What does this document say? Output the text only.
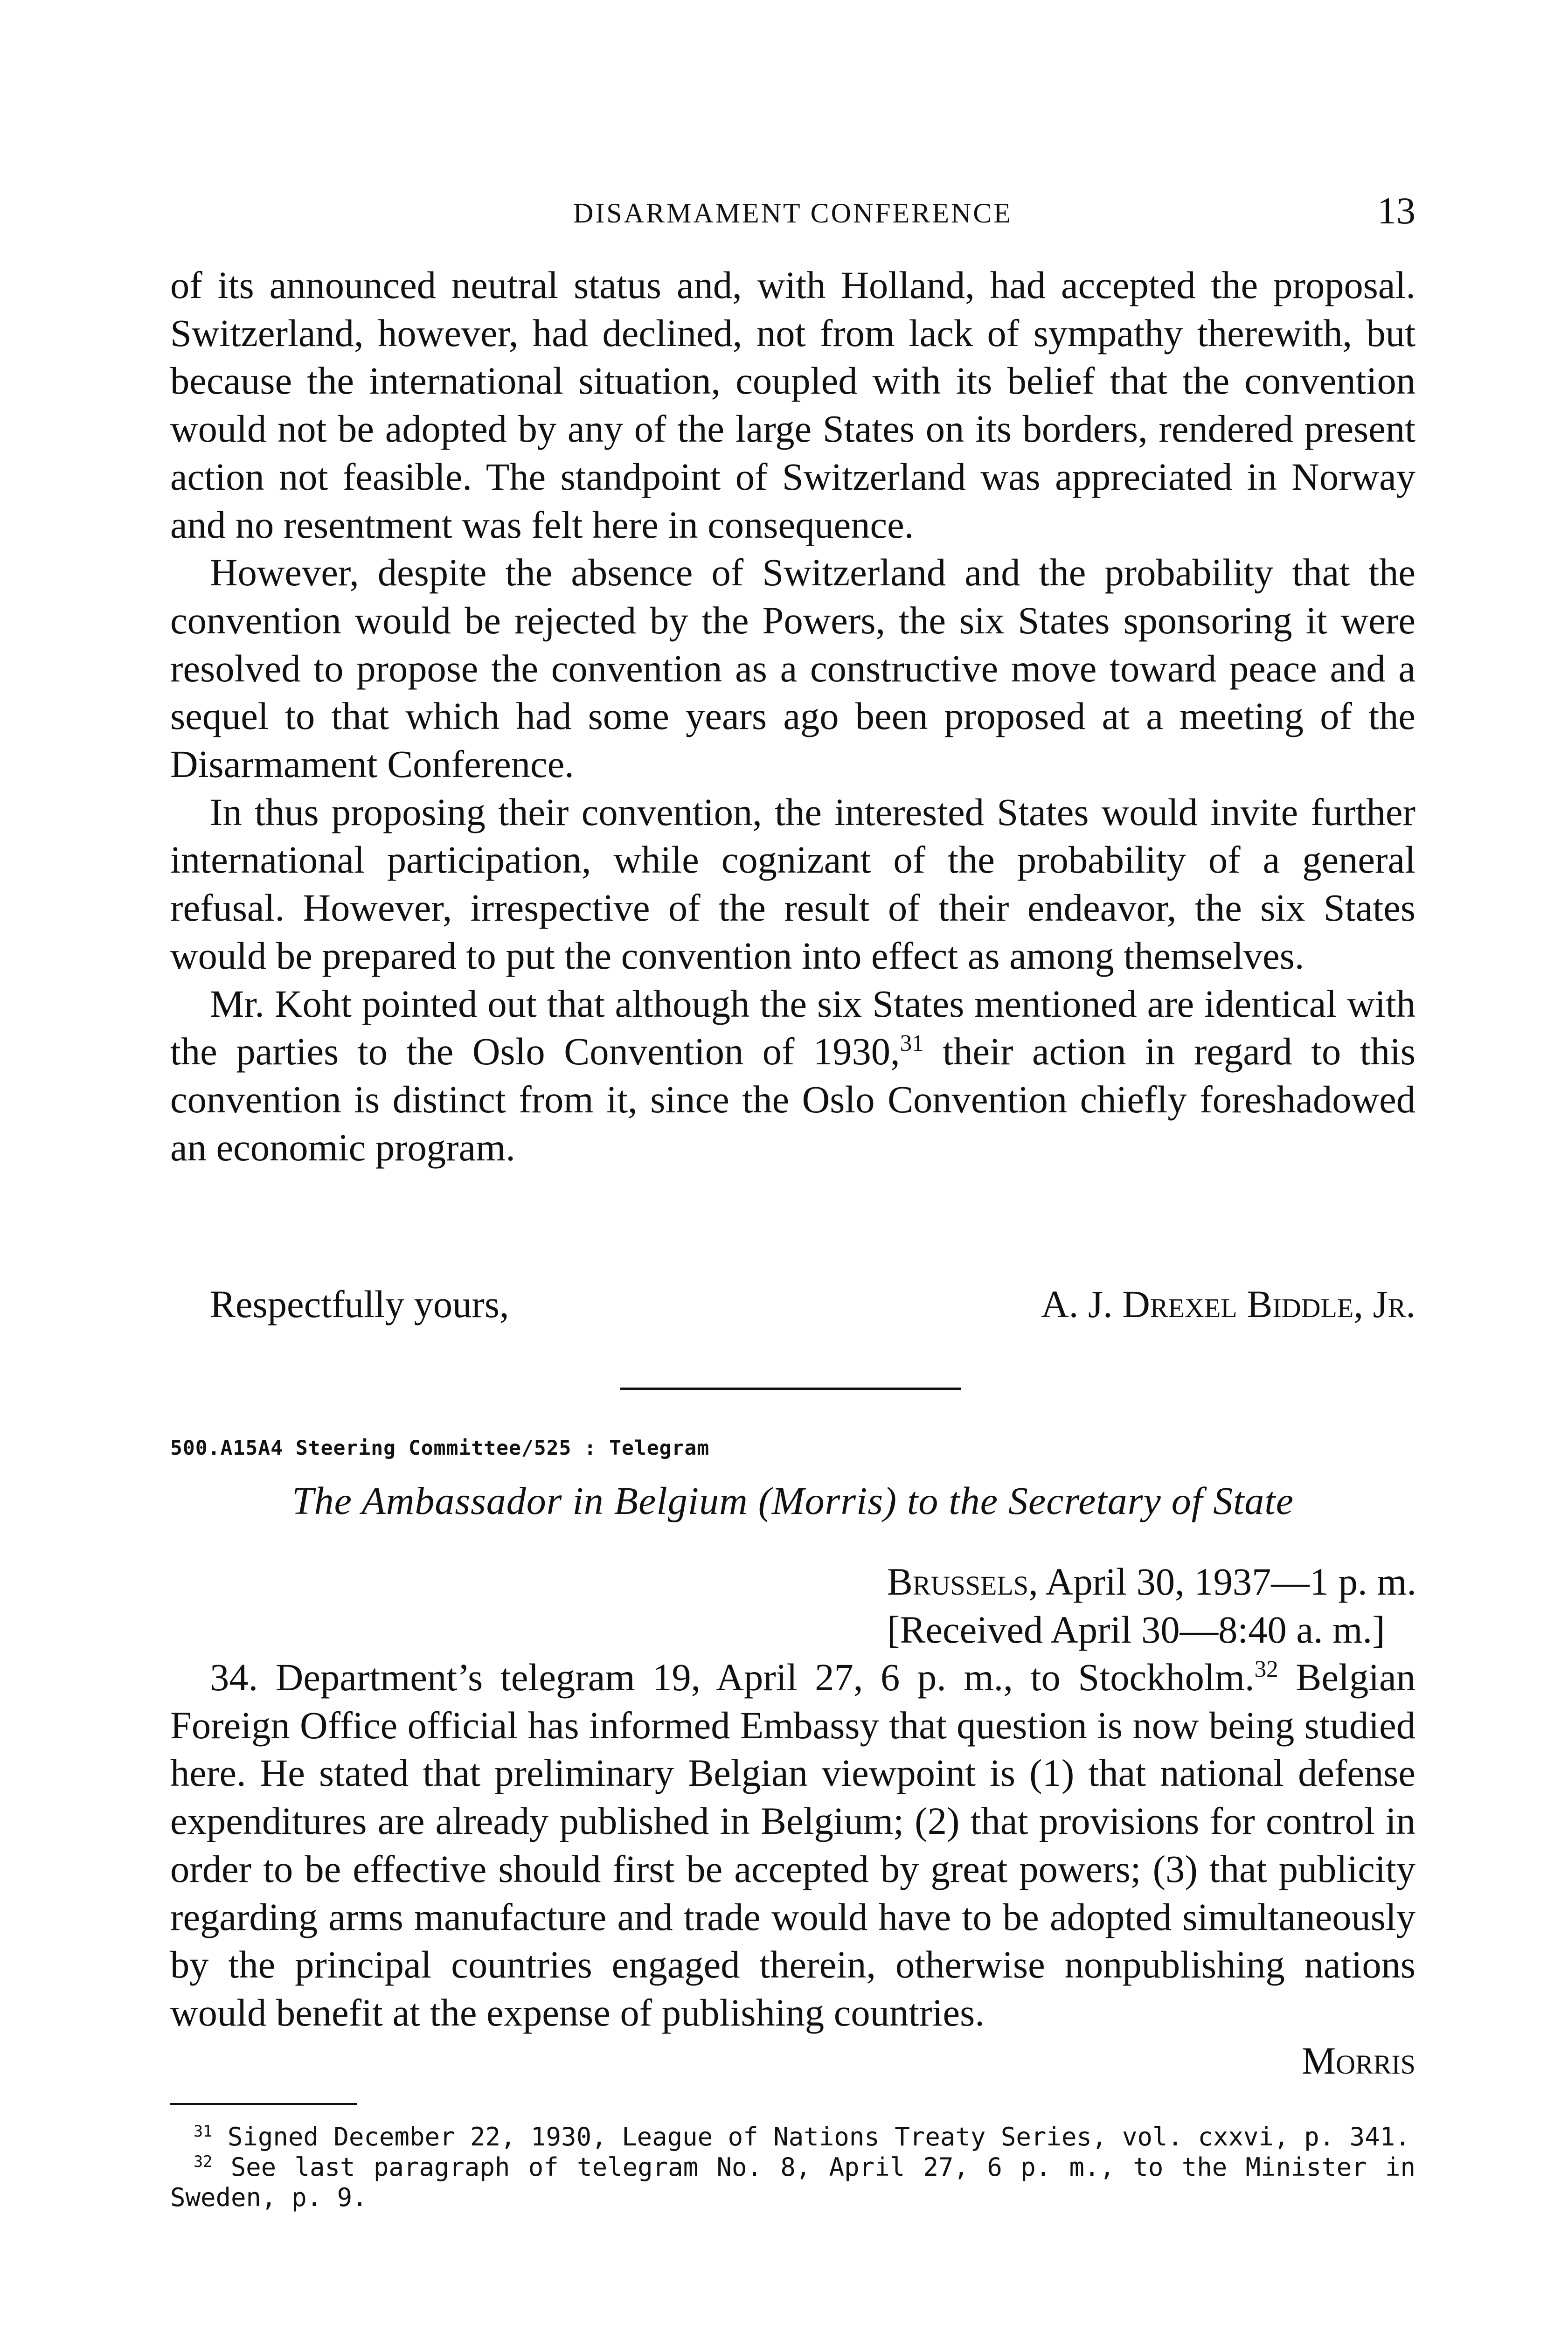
DISARMAMENT CONFERENCE	13

of its announced neutral status and, with Holland, had accepted the proposal. Switzerland, however, had declined, not from lack of sympathy therewith, but because the international situation, coupled with its belief that the convention would not be adopted by any of the large States on its borders, rendered present action not feasible. The standpoint of Switzerland was appreciated in Norway and no resentment was felt here in consequence.

However, despite the absence of Switzerland and the probability that the convention would be rejected by the Powers, the six States sponsoring it were resolved to propose the convention as a constructive move toward peace and a sequel to that which had some years ago been proposed at a meeting of the Disarmament Conference.

In thus proposing their convention, the interested States would invite further international participation, while cognizant of the probability of a general refusal. However, irrespective of the result of their endeavor, the six States would be prepared to put the convention into effect as among themselves.

Mr. Koht pointed out that although the six States mentioned are identical with the parties to the Oslo Convention of 1930,31 their action in regard to this convention is distinct from it, since the Oslo Convention chiefly foreshadowed an economic program.

Respectfully yours,	A. J. Drexel Biddle, Jr.
500.A15A4 Steering Committee/525 : Telegram
The Ambassador in Belgium (Morris) to the Secretary of State
Brussels, April 30, 1937—1 p. m.
[Received April 30—8:40 a. m.]

34. Department’s telegram 19, April 27, 6 p. m., to Stockholm.$^{32}$ Belgian Foreign Office official has informed Embassy that question is now being studied here. He stated that preliminary Belgian viewpoint is (1) that national defense expenditures are already published in Belgium; (2) that provisions for control in order to be effective should first be accepted by great powers; (3) that publicity regarding arms manufacture and trade would have to be adopted simultaneously by the principal countries engaged therein, otherwise nonpublishing nations would benefit at the expense of publishing countries.

Morris

$^{31}$ Signed December 22, 1930, League of Nations Treaty Series, vol. cxxvi, p. 341.

$^{32}$ See last paragraph of telegram No. 8, April 27, 6 p. m., to the Minister in Sweden, p. 9.
